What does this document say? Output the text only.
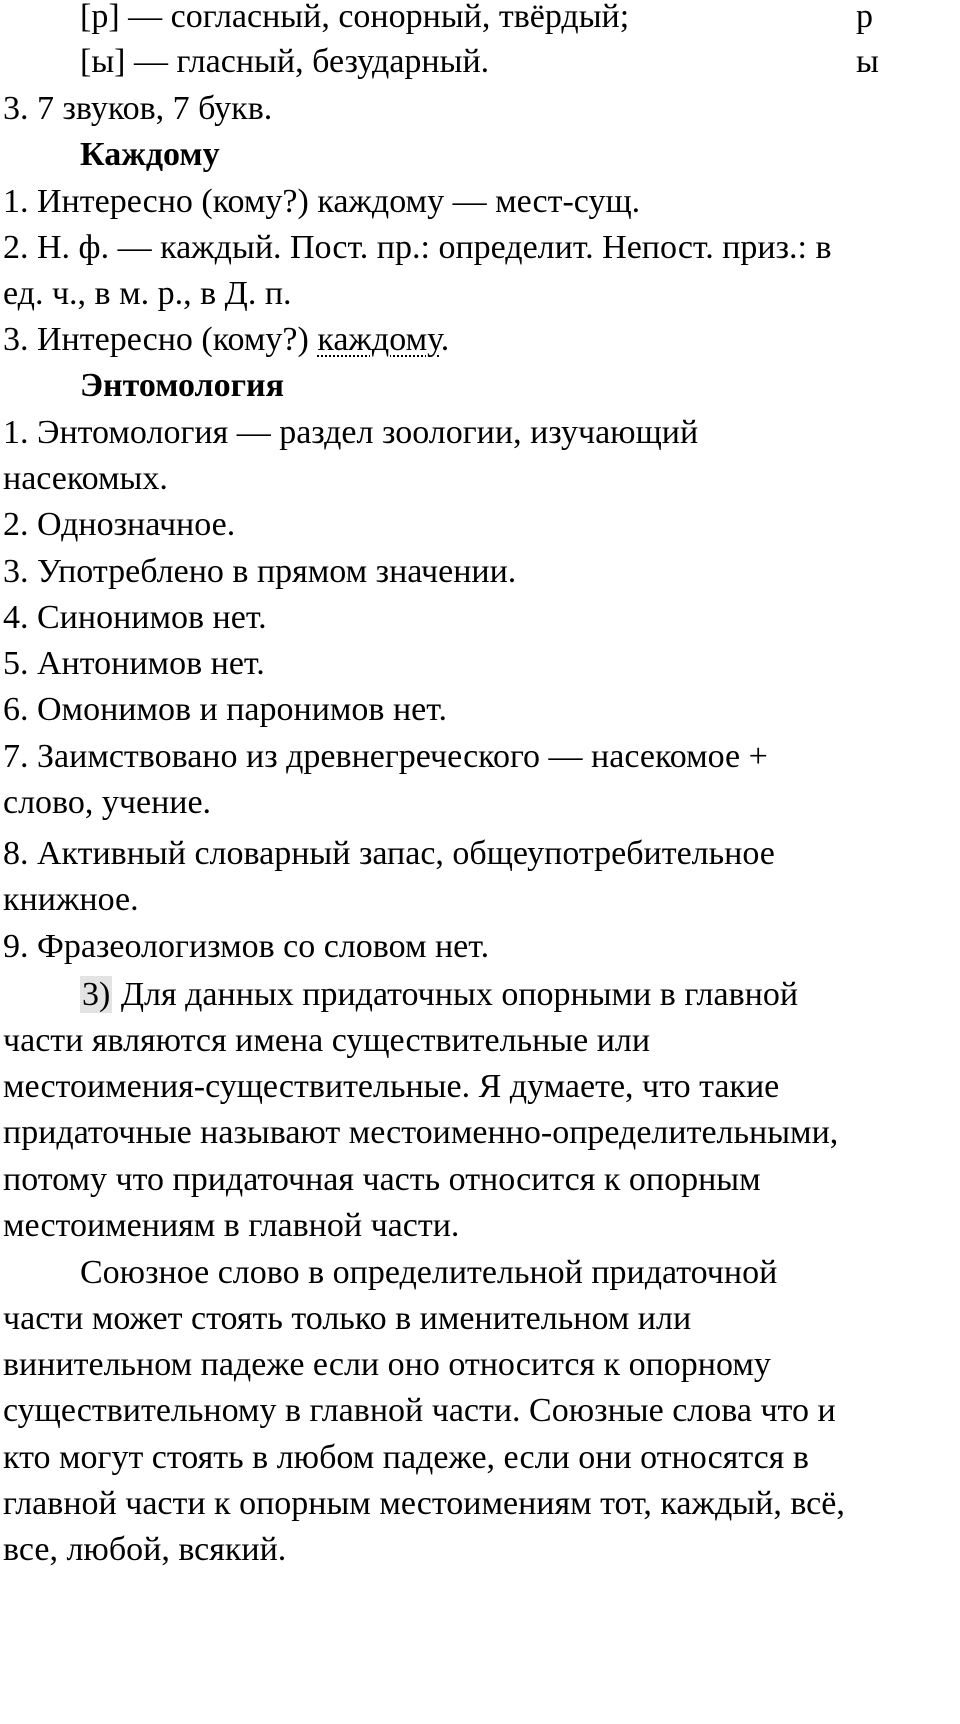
[р] — согласный, сонорный, твёрдый;	р
[ы] — гласный, безударный.	ы
3. 7 звуков, 7 букв.
Каждому
1. Интересно (кому?) каждому — мест-сущ.
2. Н. ф. — каждый. Пост. пр.: определит. Непост. приз.: в
ед. ч., в м. р., в Д. п.
3. Интересно (кому?) каждому.
Энтомология
1. Энтомология — раздел зоологии, изучающий
насекомых.
2. Однозначное.
3. Употреблено в прямом значении.
4. Синонимов нет.
5. Антонимов нет.
6. Омонимов и паронимов нет.
7. Заимствовано из древнегреческого — насекомое +
слово, учение.
8. Активный словарный запас, общеупотребительное
книжное.
9. Фразеологизмов со словом нет.
3) Для данных придаточных опорными в главной
части являются имена существительные или
местоимения-существительные. Я думаете, что такие
придаточные называют местоименно-определительными,
потому что придаточная часть относится к опорным
местоимениям в главной части.
Союзное слово в определительной придаточной
части может стоять только в именительном или
винительном падеже если оно относится к опорному
существительному в главной части. Союзные слова что и
кто могут стоять в любом падеже, если они относятся в
главной части к опорным местоимениям тот, каждый, всё,
все, любой, всякий.
